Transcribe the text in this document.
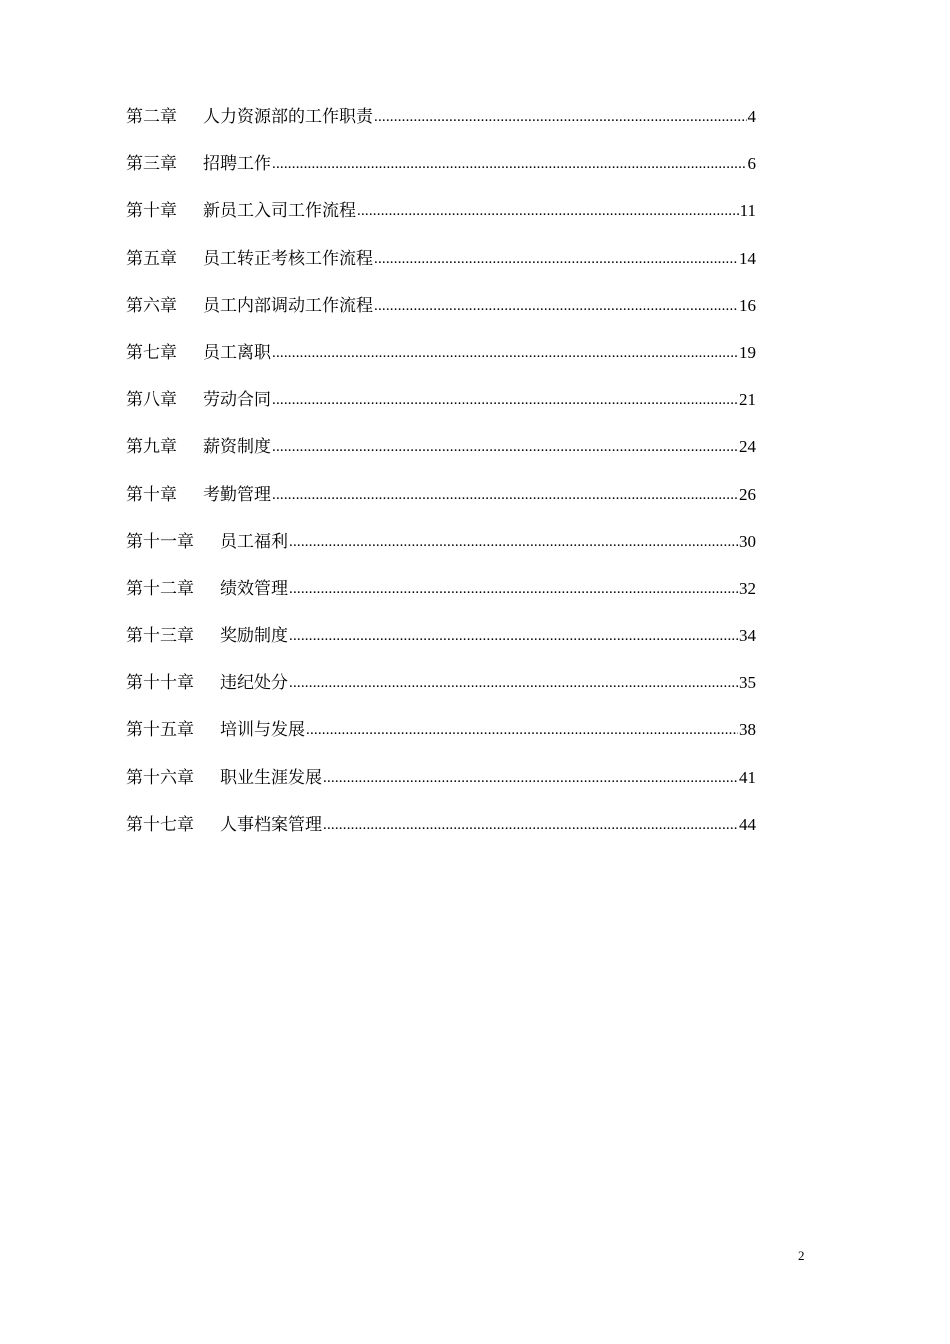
第二章 人力资源部的工作职责 .....	4
第三章 招聘工作 .....	6
第十章 新员工入司工作流程 .....	11
第五章 员工转正考核工作流程 .....	14
第六章 员工内部调动工作流程 .....	16
第七章 员工离职 .....	19
第八章 劳动合同 .....	21
第九章 薪资制度 .....	24
第十章 考勤管理 .....	26
第十一章 员工福利 .....	30
第十二章 绩效管理 .....	32
第十三章 奖励制度 .....	34
第十十章 违纪处分 .....	35
第十五章 培训与发展 .....	38
第十六章 职业生涯发展 .....	41
第十七章 人事档案管理 .....	44
2
